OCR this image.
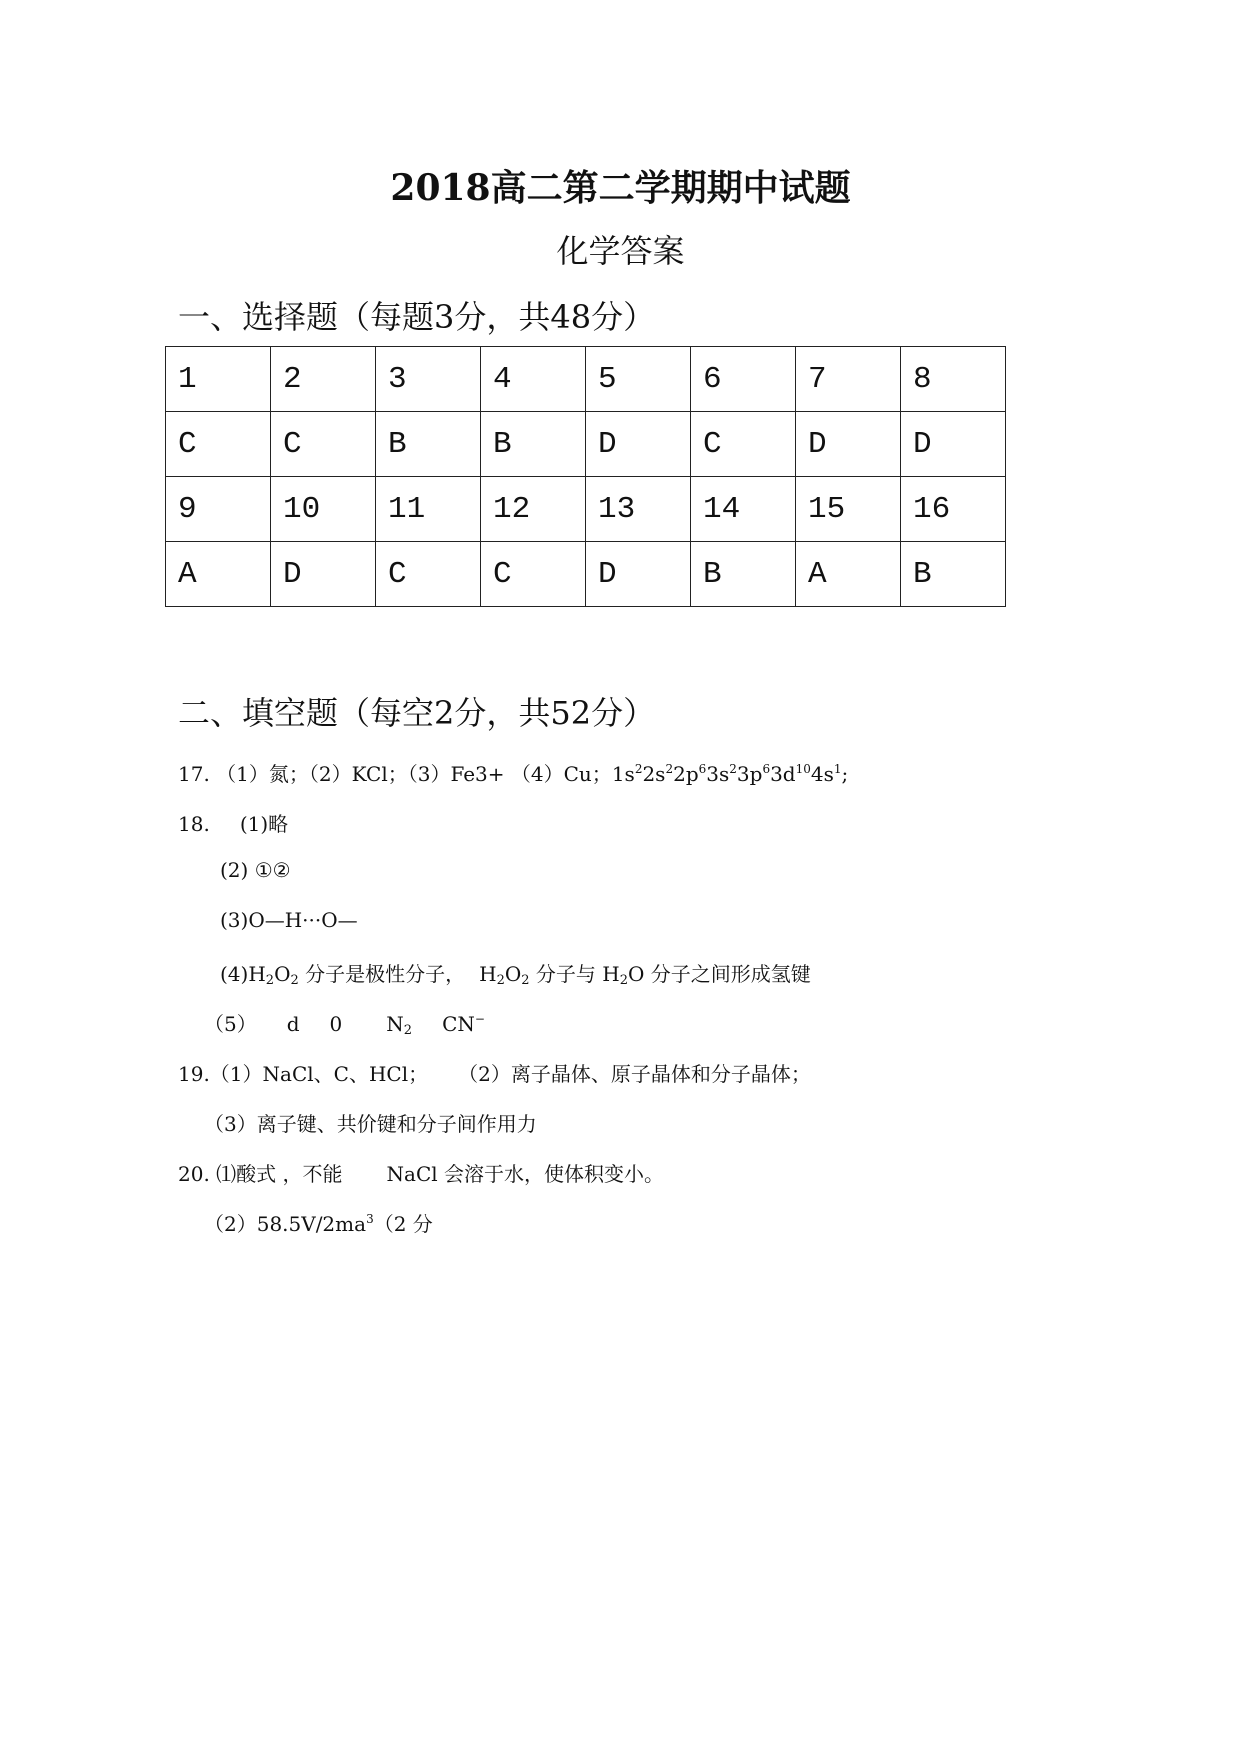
2018高二第二学期期中试题
化学答案
一、选择题（每题3分，共48分）
1	2	3	4	5	6	7	8
C	C	B	B	D	C	D	D
9	10	11	12	13	14	15	16
A	D	C	C	D	B	A	B
二、填空题（每空2分，共52分）
17. （1）氮；（2）KCl；（3）Fe3+ （4）Cu；$1s^22s^22p^63s^23p^63d^{10}4s^1$;
18. (1)略
(2) ①②
(3)O—H···O—
$(4)H_2O_2$ 分子是极性分子， $H_2O_2$ 分子与 $H_2O$ 分子之间形成氢键
（5） d 0 $N_2$ CN−
19.（1）NaCl、C、HCl； （2）离子晶体、原子晶体和分子晶体；
（3）离子键、共价键和分子间作用力
20. ⑴酸式 ，不能 NaCl 会溶于水，使体积变小。
$(2)58.5V/2ma^3(2$ 分
